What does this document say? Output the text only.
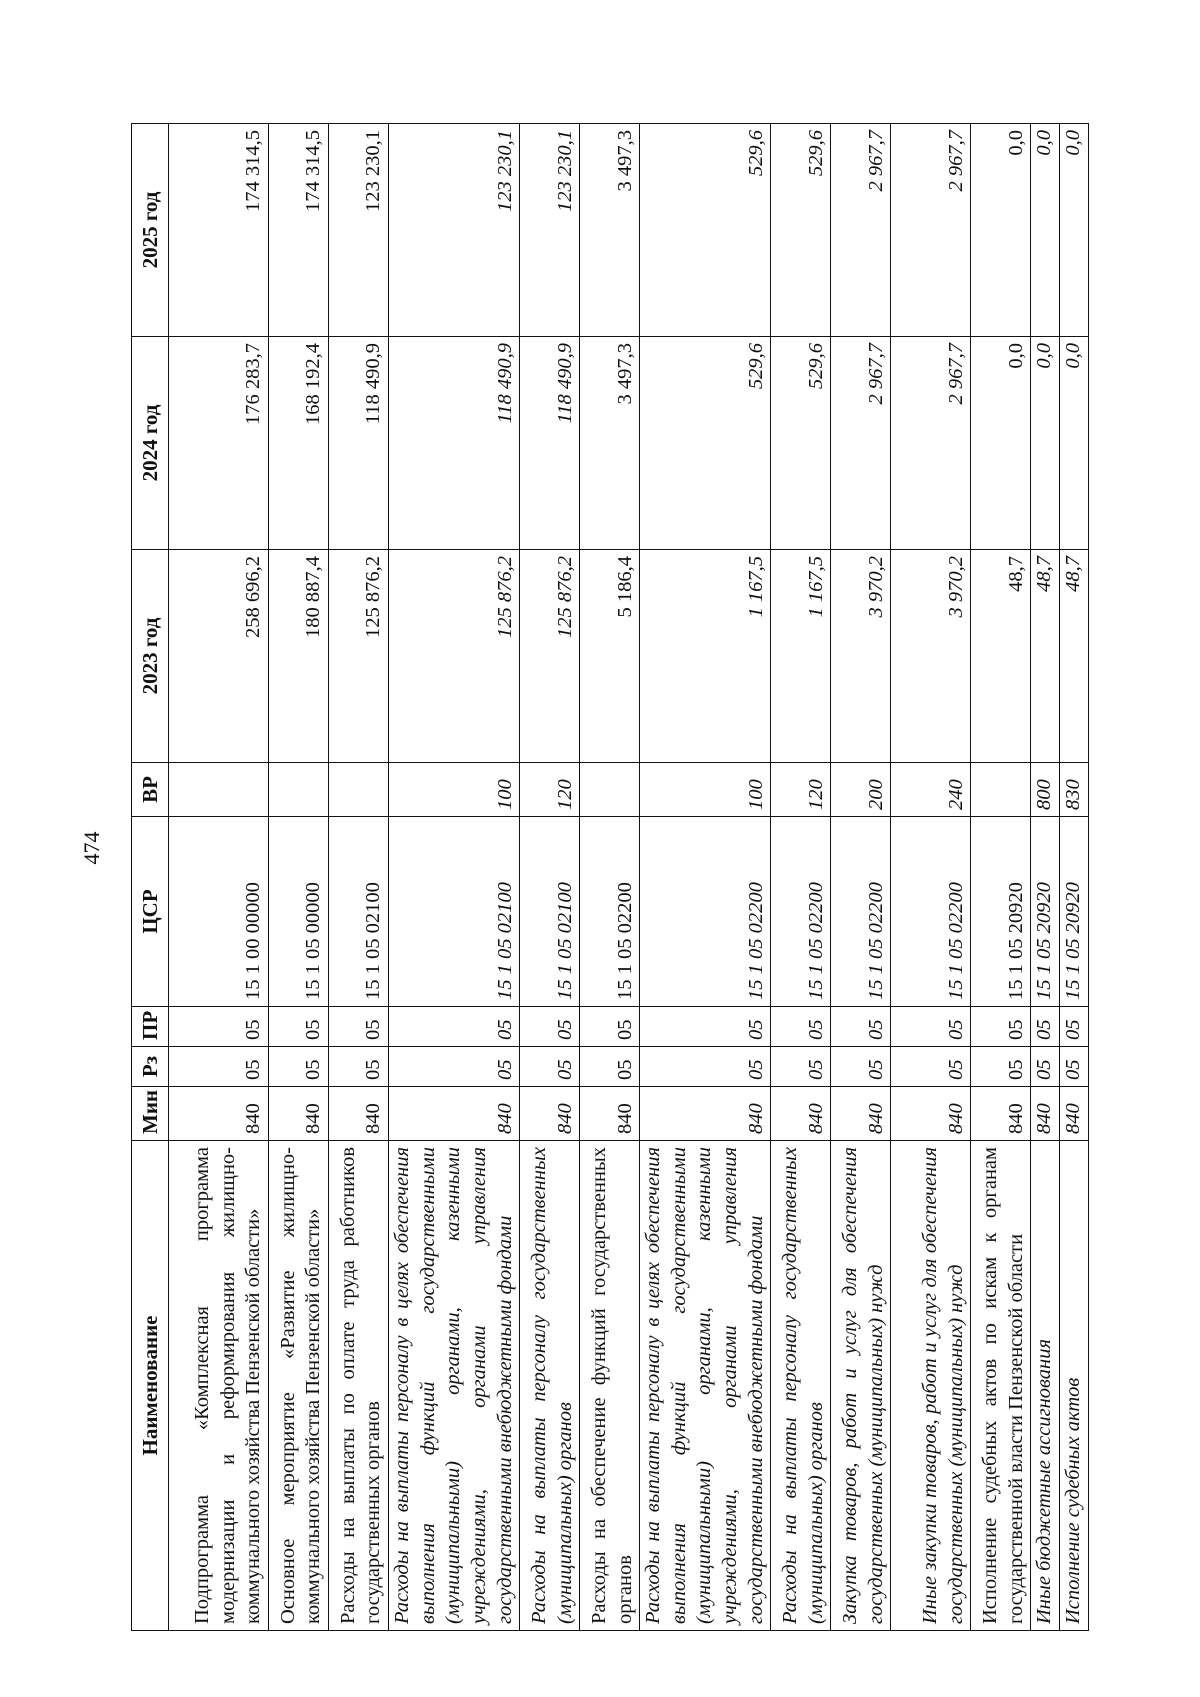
474
Наименование	Мин	Рз	ПР	ЦСР	ВР	2023 год	2024 год	2025 год
Подпрограмма «Комплексная программа модернизации и реформирования жилищно-коммунального хозяйства Пензенской области»	840	05	05	15 1 00 00000		258 696,2	176 283,7	174 314,5
Основное мероприятие «Развитие жилищно-коммунального хозяйства Пензенской области»	840	05	05	15 1 05 00000		180 887,4	168 192,4	174 314,5
Расходы на выплаты по оплате труда работников государственных органов	840	05	05	15 1 05 02100		125 876,2	118 490,9	123 230,1
Расходы на выплаты персоналу в целях обеспечения выполнения функций государственными (муниципальными) органами, казенными учреждениями, органами управления государственными внебюджетными фондами	840	05	05	15 1 05 02100	100	125 876,2	118 490,9	123 230,1
Расходы на выплаты персоналу государственных (муниципальных) органов	840	05	05	15 1 05 02100	120	125 876,2	118 490,9	123 230,1
Расходы на обеспечение функций государственных органов	840	05	05	15 1 05 02200		5 186,4	3 497,3	3 497,3
Расходы на выплаты персоналу в целях обеспечения выполнения функций государственными (муниципальными) органами, казенными учреждениями, органами управления государственными внебюджетными фондами	840	05	05	15 1 05 02200	100	1 167,5	529,6	529,6
Расходы на выплаты персоналу государственных (муниципальных) органов	840	05	05	15 1 05 02200	120	1 167,5	529,6	529,6
Закупка товаров, работ и услуг для обеспечения государственных (муниципальных) нужд	840	05	05	15 1 05 02200	200	3 970,2	2 967,7	2 967,7
Иные закупки товаров, работ и услуг для обеспечения государственных (муниципальных) нужд	840	05	05	15 1 05 02200	240	3 970,2	2 967,7	2 967,7
Исполнение судебных актов по искам к органам государственной власти Пензенской области	840	05	05	15 1 05 20920		48,7	0,0	0,0
Иные бюджетные ассигнования	840	05	05	15 1 05 20920	800	48,7	0,0	0,0
Исполнение судебных актов	840	05	05	15 1 05 20920	830	48,7	0,0	0,0
